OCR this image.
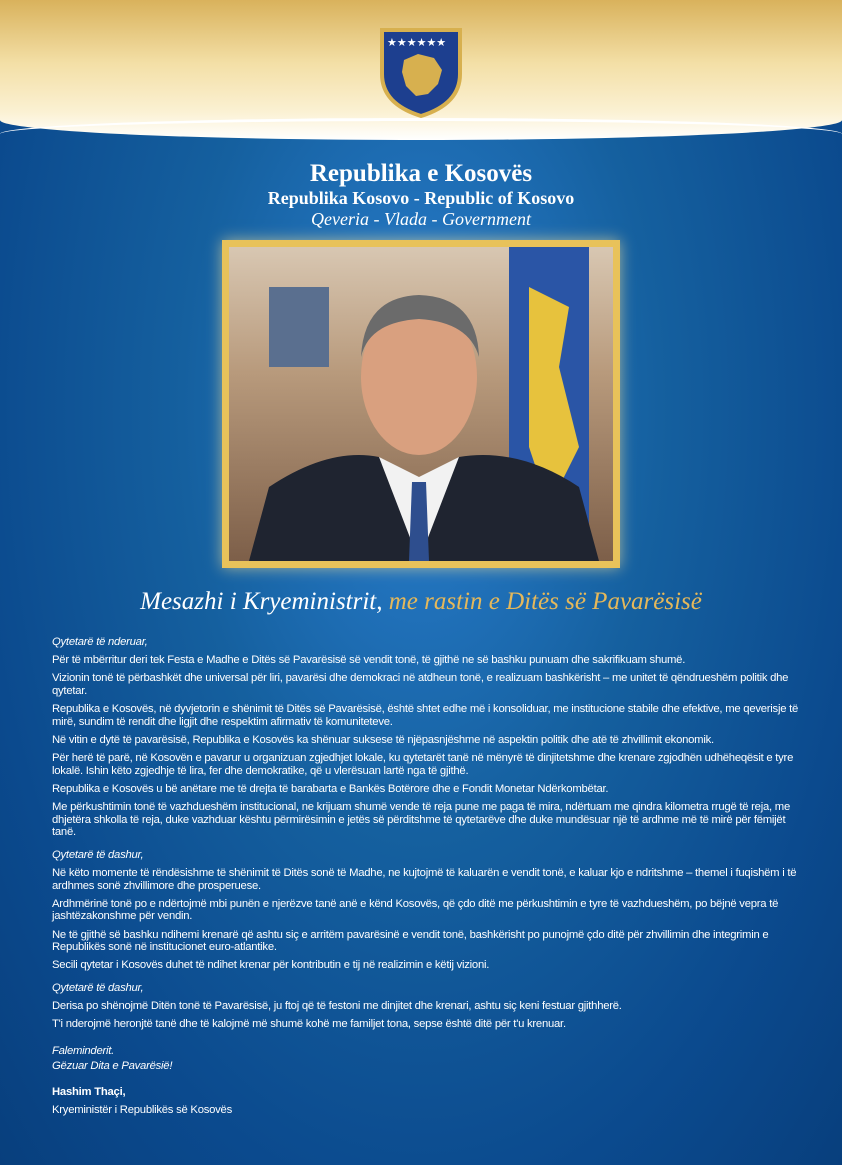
★★★★★★
Republika e Kosovës
Republika Kosovo - Republic of Kosovo
Qeveria - Vlada - Government
Mesazhi i Kryeministrit, me rastin e Ditës së Pavarësisë

Qytetarë të nderuar,

Për të mbërritur deri tek Festa e Madhe e Ditës së Pavarësisë së vendit tonë, të gjithë ne së bashku punuam dhe sakrifikuam shumë.

Vizionin tonë të përbashkët dhe universal për liri, pavarësi dhe demokraci në atdheun tonë, e realizuam bashkërisht – me unitet të qëndrueshëm politik dhe qytetar.

Republika e Kosovës, në dyvjetorin e shënimit të Ditës së Pavarësisë, është shtet edhe më i konsoliduar, me institucione stabile dhe efektive, me qeverisje të mirë, sundim të rendit dhe ligjit dhe respektim afirmativ të komuniteteve.

Në vitin e dytë të pavarësisë, Republika e Kosovës ka shënuar suksese të njëpasnjëshme në aspektin politik dhe atë të zhvillimit ekonomik.

Për herë të parë, në Kosovën e pavarur u organizuan zgjedhjet lokale, ku qytetarët tanë në mënyrë të dinjitetshme dhe krenare zgjodhën udhëheqësit e tyre lokalë. Ishin këto zgjedhje të lira, fer dhe demokratike, që u vlerësuan lartë nga të gjithë.

Republika e Kosovës u bë anëtare me të drejta të barabarta e Bankës Botërore dhe e Fondit Monetar Ndërkombëtar.

Me përkushtimin tonë të vazhdueshëm institucional, ne krijuam shumë vende të reja pune me paga të mira, ndërtuam me qindra kilometra rrugë të reja, me dhjetëra shkolla të reja, duke vazhduar kështu përmirësimin e jetës së përditshme të qytetarëve dhe duke mundësuar një të ardhme më të mirë për fëmijët tanë.

Qytetarë të dashur,

Në këto momente të rëndësishme të shënimit të Ditës sonë të Madhe, ne kujtojmë të kaluarën e vendit tonë, e kaluar kjo e ndritshme – themel i fuqishëm i të ardhmes sonë zhvillimore dhe prosperuese.

Ardhmërinë tonë po e ndërtojmë mbi punën e njerëzve tanë anë e kënd Kosovës, që çdo ditë me përkushtimin e tyre të vazhdueshëm, po bëjnë vepra të jashtëzakonshme për vendin.

Ne të gjithë së bashku ndihemi krenarë që ashtu siç e arritëm pavarësinë e vendit tonë, bashkërisht po punojmë çdo ditë për zhvillimin dhe integrimin e Republikës sonë në institucionet euro-atlantike.

Secili qytetar i Kosovës duhet të ndihet krenar për kontributin e tij në realizimin e këtij vizioni.

Qytetarë të dashur,

Derisa po shënojmë Ditën tonë të Pavarësisë, ju ftoj që të festoni me dinjitet dhe krenari, ashtu siç keni festuar gjithherë.

T'i nderojmë heronjtë tanë dhe të kalojmë më shumë kohë me familjet tona, sepse është ditë për t'u krenuar.

Faleminderit.

Gëzuar Dita e Pavarësië!

Hashim Thaçi,

Kryeministër i Republikës së Kosovës
